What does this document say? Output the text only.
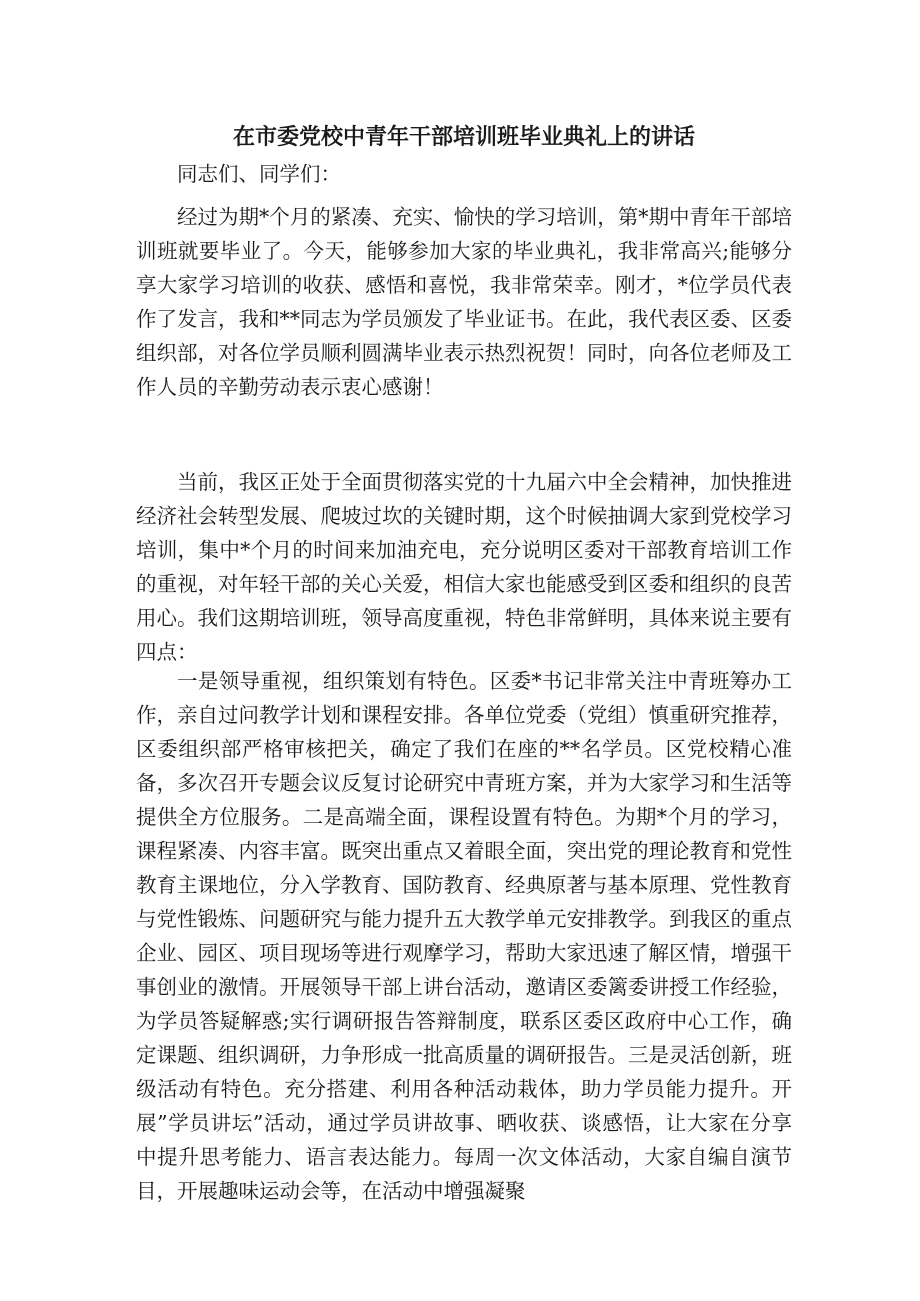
在市委党校中青年干部培训班毕业典礼上的讲话

同志们、同学们：

经过为期*个月的紧凑、充实、愉快的学习培训，第*期中青年干部培训班就要毕业了。今天，能够参加大家的毕业典礼，我非常高兴;能够分享大家学习培训的收获、感悟和喜悦，我非常荣幸。刚才，*位学员代表作了发言，我和**同志为学员颁发了毕业证书。在此，我代表区委、区委组织部，对各位学员顺利圆满毕业表示热烈祝贺！同时，向各位老师及工作人员的辛勤劳动表示衷心感谢！

当前，我区正处于全面贯彻落实党的十九届六中全会精神，加快推进经济社会转型发展、爬坡过坎的关键时期，这个时候抽调大家到党校学习培训，集中*个月的时间来加油充电，充分说明区委对干部教育培训工作的重视，对年轻干部的关心关爱，相信大家也能感受到区委和组织的良苦用心。我们这期培训班，领导高度重视，特色非常鲜明，具体来说主要有四点：

一是领导重视，组织策划有特色。区委*书记非常关注中青班筹办工作，亲自过问教学计划和课程安排。各单位党委（党组）慎重研究推荐，区委组织部严格审核把关，确定了我们在座的**名学员。区党校精心准备，多次召开专题会议反复讨论研究中青班方案，并为大家学习和生活等提供全方位服务。二是高端全面，课程设置有特色。为期*个月的学习，课程紧凑、内容丰富。既突出重点又着眼全面，突出党的理论教育和党性教育主课地位，分入学教育、国防教育、经典原著与基本原理、党性教育与党性锻炼、问题研究与能力提升五大教学单元安排教学。到我区的重点企业、园区、项目现场等进行观摩学习，帮助大家迅速了解区情，增强干事创业的激情。开展领导干部上讲台活动，邀请区委篱委讲授工作经验，为学员答疑解惑;实行调研报告答辩制度，联系区委区政府中心工作，确定课题、组织调研，力争形成一批高质量的调研报告。三是灵活创新，班级活动有特色。充分搭建、利用各种活动栽体，助力学员能力提升。开展”学员讲坛”活动，通过学员讲故事、晒收获、谈感悟，让大家在分享中提升思考能力、语言表达能力。每周一次文体活动，大家自编自演节目，开展趣味运动会等，在活动中增强凝聚
